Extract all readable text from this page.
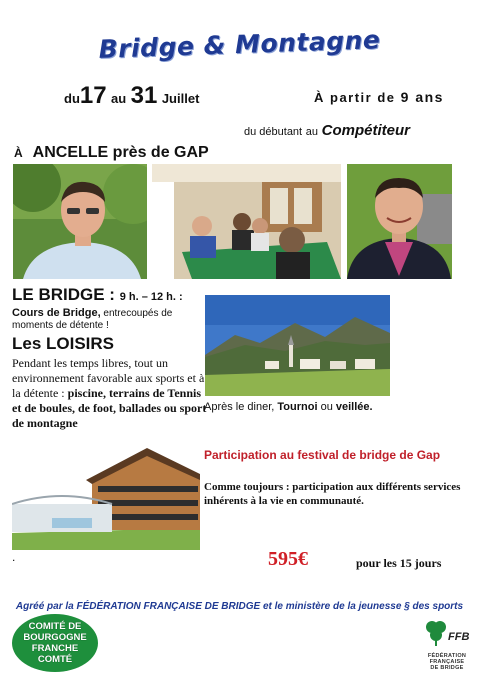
Bridge & Montagne
du17 au 31 Juillet	À partir de 9 ans
du débutant au Compétiteur
À ANCELLE près de GAP
LE BRIDGE : 9 h. – 12 h. :
Cours de Bridge, entrecoupés de moments de détente !
Les LOISIRS
Pendant les temps libres, tout un environnement favorable aux sports et à la détente : piscine, terrains de Tennis et de boules, de foot, ballades ou sport de montagne
Après le diner, Tournoi ou veillée.
Participation au festival de bridge de Gap
Comme toujours : participation aux différents services inhérents à la vie en communauté.
.	595€	pour les 15 jours
Agréé par la FÉDÉRATION FRANÇAISE DE BRIDGE et le ministère de la jeunesse § des sports
COMITÉ DE
BOURGOGNE
FRANCHE
COMTÉ
FFB
FÉDÉRATION
FRANÇAISE
DE BRIDGE
